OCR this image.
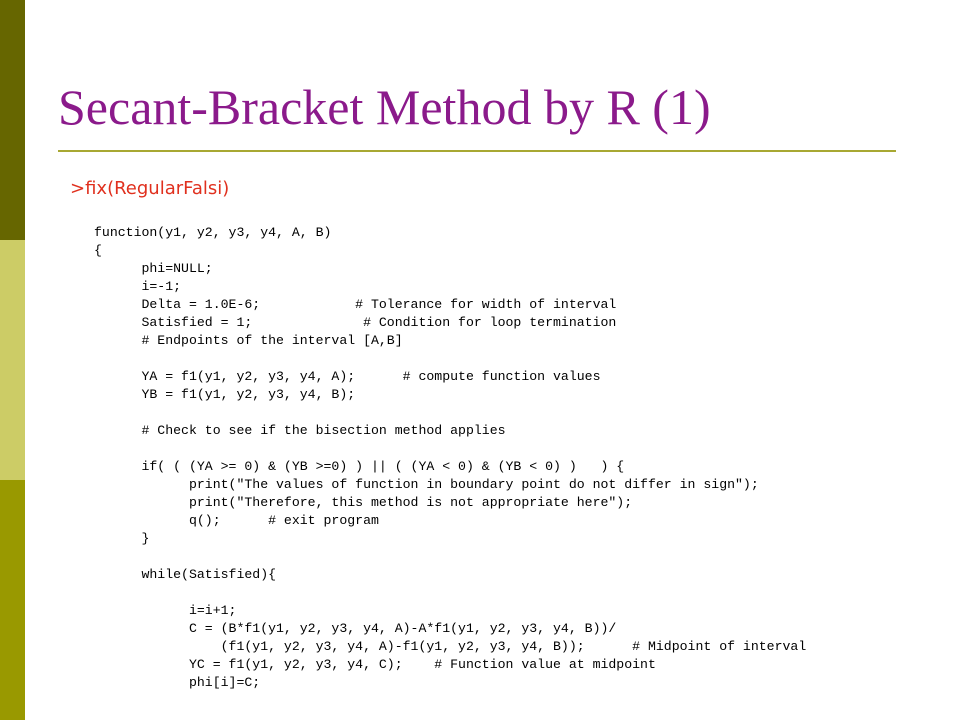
Secant-Bracket Method by R (1)
>fix(RegularFalsi)
function(y1, y2, y3, y4, A, B)
{
phi=NULL;
i=-1;
Delta = 1.0E-6;            # Tolerance for width of interval
Satisfied = 1;              # Condition for loop termination
# Endpoints of the interval [A,B]
YA = f1(y1, y2, y3, y4, A);      # compute function values
YB = f1(y1, y2, y3, y4, B);
# Check to see if the bisection method applies
if( ( (YA >= 0) & (YB >=0) ) || ( (YA < 0) & (YB < 0) )   ) {
print("The values of function in boundary point do not differ in sign");
print("Therefore, this method is not appropriate here");
q();      # exit program
}
while(Satisfied){
i=i+1;
C = (B*f1(y1, y2, y3, y4, A)-A*f1(y1, y2, y3, y4, B))/
(f1(y1, y2, y3, y4, A)-f1(y1, y2, y3, y4, B));      # Midpoint of interval
YC = f1(y1, y2, y3, y4, C);    # Function value at midpoint
phi[i]=C;
